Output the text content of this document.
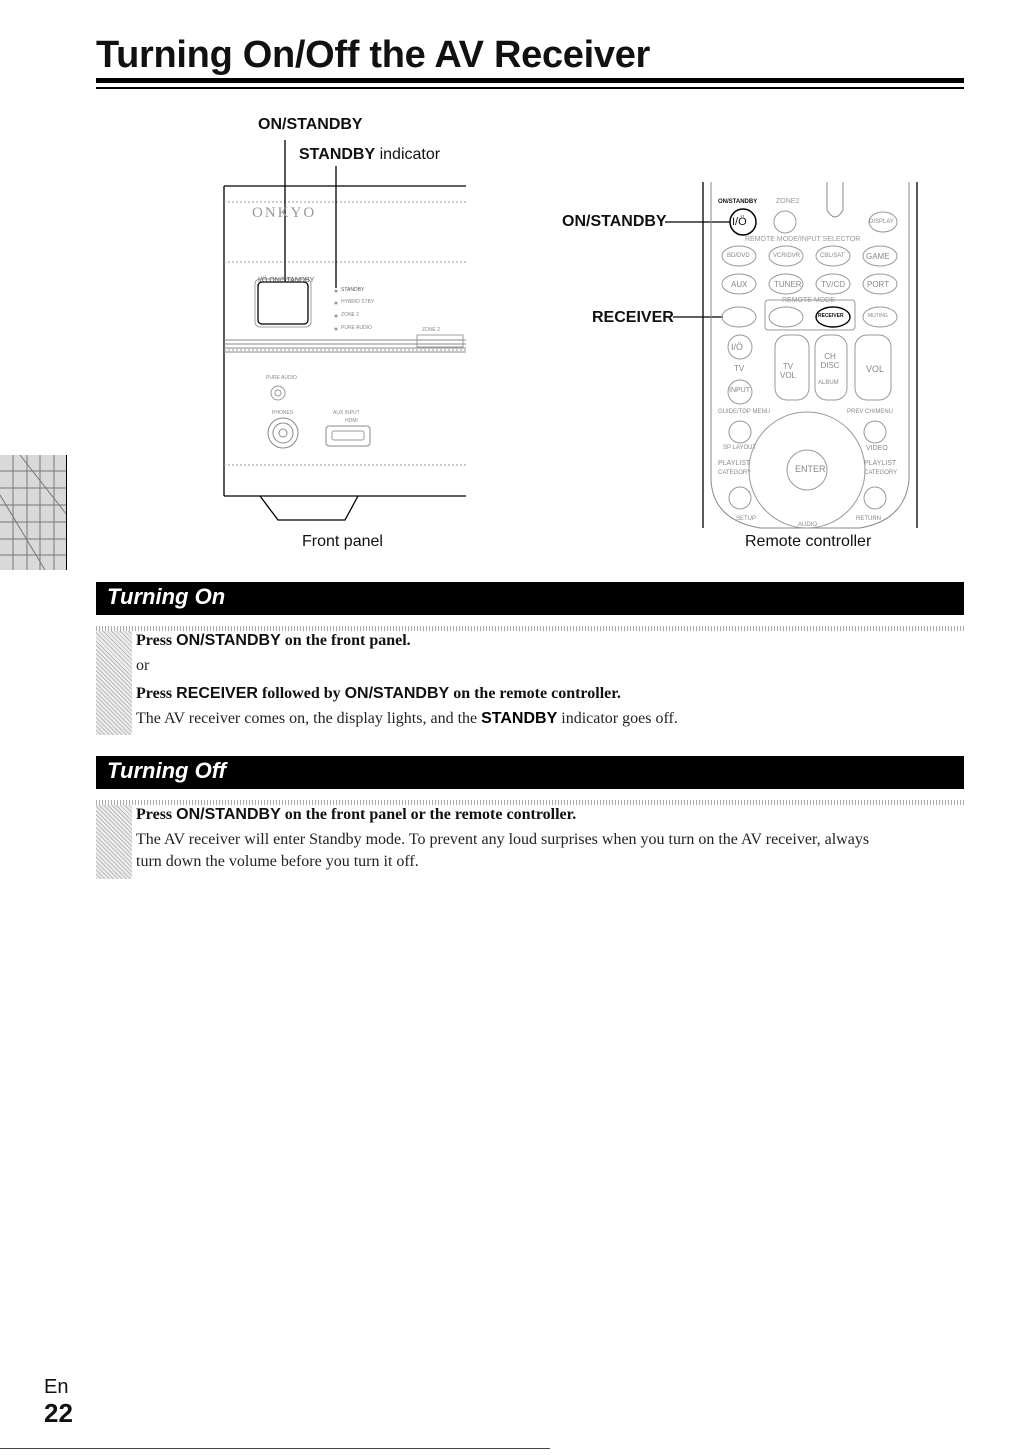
Turning On/Off the AV Receiver
ON/STANDBY
STANDBY indicator
ONKYO
I/Ö ON/STANDBY
STANDBY
HYBRID STBY
ZONE 2
PURE AUDIO	ZONE 2
PURE AUDIO
PHONES	AUX INPUT
HDMI
Front panel
ON/STANDBY
RECEIVER
ON/STANDBY	ZONE2
I/Ö	DISPLAY
REMOTE MODE/INPUT SELECTOR
BD/DVD	VCR/DVR	CBL/SAT	GAME
AUX	TUNER TV/CD	PORT
REMOTE MODE
RECEIVER	MUTING
I/Ö
TV
INPUT
TV VOL
CH DISC
ALBUM
VOL
GUIDE/TOP MENU	PREV CH/MENU
SP LAYOUT	VIDEO
PLAYLIST
CATEGORY
PLAYLIST
CATEGORY
ENTER
SETUP
AUDIO
RETURN
Remote controller
Turning On
Press ON/STANDBY on the front panel.
or
Press RECEIVER followed by ON/STANDBY on the remote controller.
The AV receiver comes on, the display lights, and the STANDBY indicator goes off.
Turning Off
Press ON/STANDBY on the front panel or the remote controller.
The AV receiver will enter Standby mode. To prevent any loud surprises when you turn on the AV receiver, always
turn down the volume before you turn it off.
En
22
